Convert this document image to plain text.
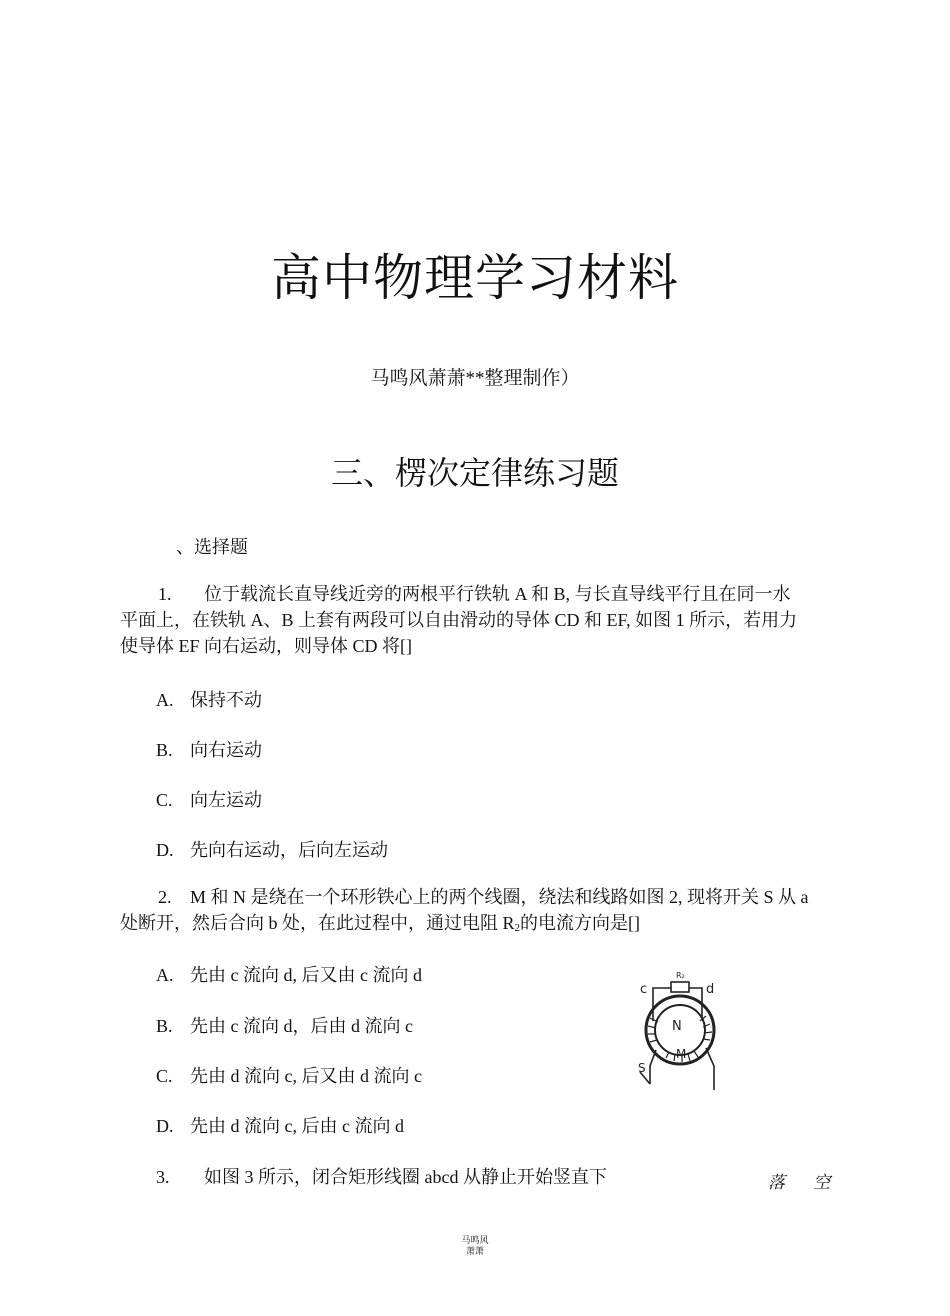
高中物理学习材料
马鸣风萧萧**整理制作）
三、楞次定律练习题
、选择题
1. 位于载流长直导线近旁的两根平行铁轨 A 和 B, 与长直导线平行且在同一水
平面上，在铁轨 A、B 上套有两段可以自由滑动的导体 CD 和 EF, 如图 1 所示，若用力
使导体 EF 向右运动，则导体 CD 将[]
A. 保持不动
B. 向右运动
C. 向左运动
D. 先向右运动，后向左运动
2. M 和 N 是绕在一个环形铁心上的两个线圈，绕法和线路如图 2, 现将开关 S 从 a
处断开，然后合向 b 处，在此过程中，通过电阻 R2的电流方向是[]
A. 先由 c 流向 d, 后又由 c 流向 d
B. 先由 c 流向 d，后由 d 流向 c
C. 先由 d 流向 c, 后又由 d 流向 c
D. 先由 d 流向 c, 后由 c 流向 d
c	d
R₂
N
M
S
3. 如图 3 所示，闭合矩形线圈 abcd 从静止开始竖直下	落 空
马鸣风
萧萧
